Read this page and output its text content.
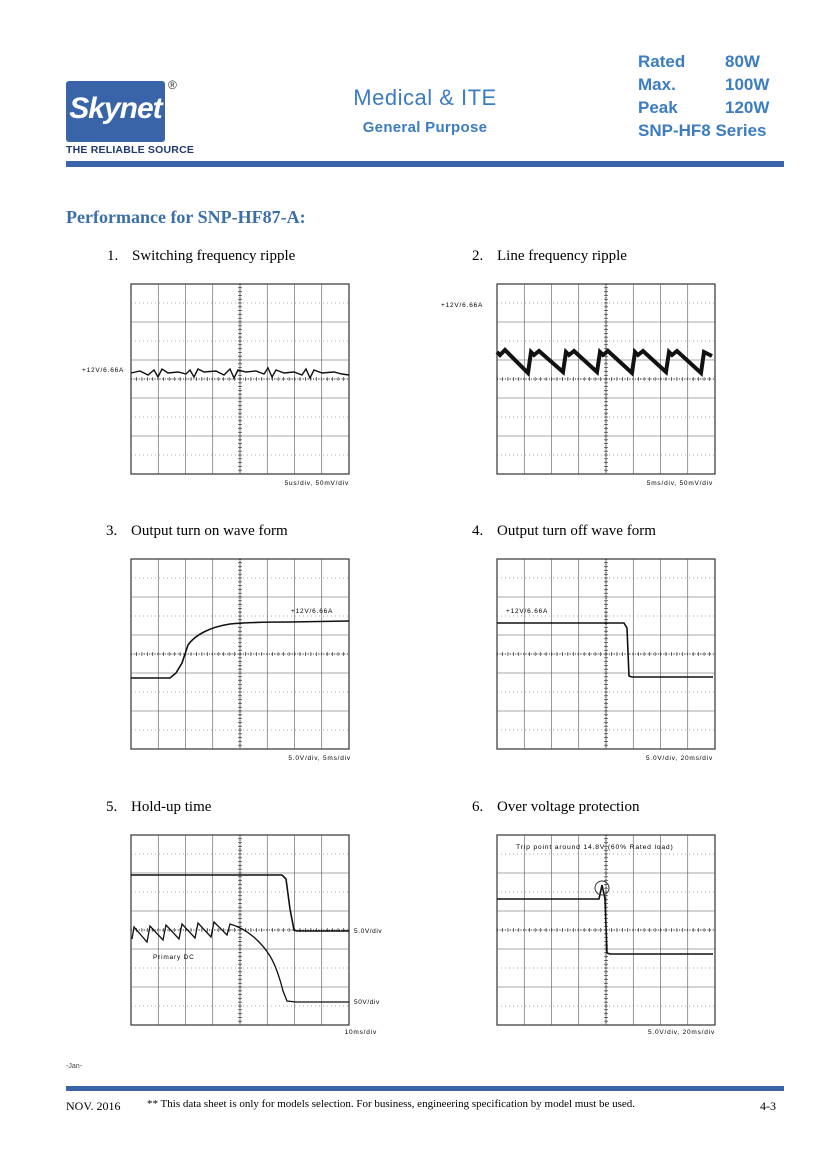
Skynet
®
THE RELIABLE SOURCE
Medical & ITE
General Purpose
Rated 80W
Max.	100W
Peak	120W
SNP-HF8 Series
Performance for SNP-HF87-A:
1. Switching frequency ripple	2. Line frequency ripple
3. Output turn on wave form	4. Output turn off wave form
5. Hold-up time	6. Over voltage protection
+12V/6.66A
5us/div, 50mV/div
+12V/6.66A
5ms/div, 50mV/div
+12V/6.66A
5.0V/div, 5ms/div
+12V/6.66A
5.0V/div, 20ms/div
Primary DC
5.0V/div
50V/div
10ms/div
Trip point around 14.8V (60% Rated load)
5.0V/div, 20ms/div
-Jan-
NOV. 2016 ** This data sheet is only for models selection. For business, engineering specification by model must be used.	4-3
